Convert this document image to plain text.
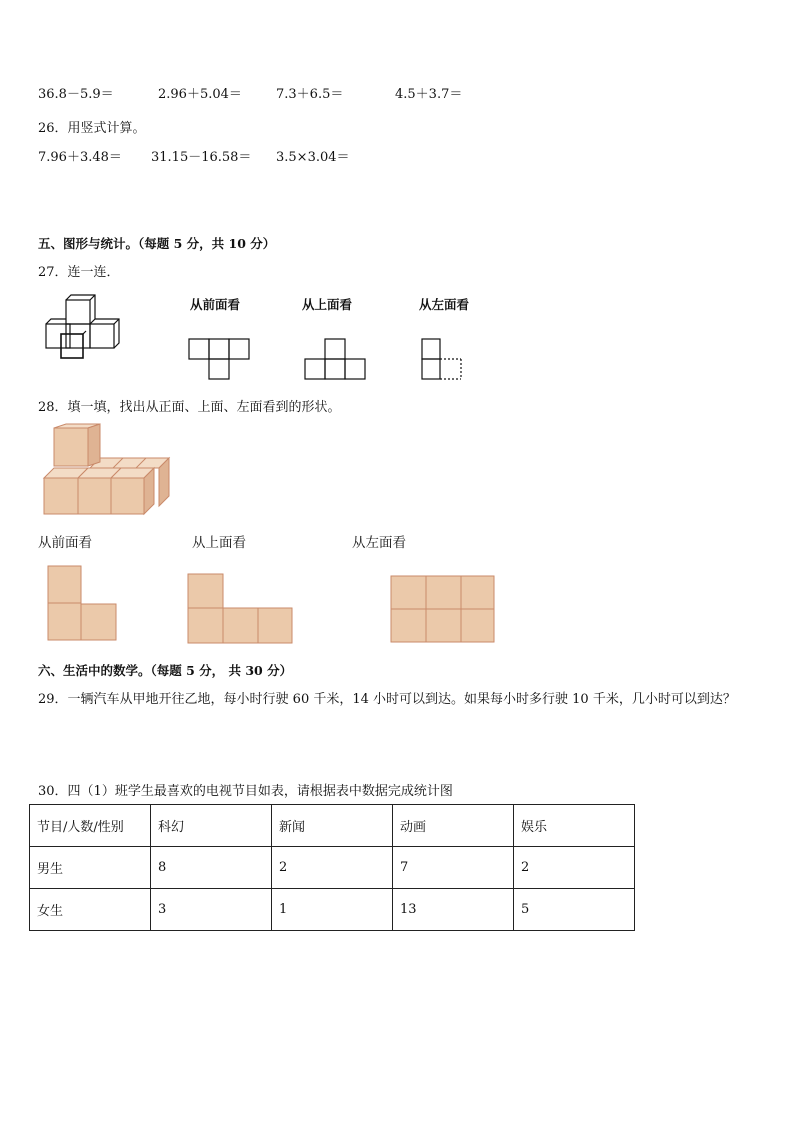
36.8－5.9＝	2.96＋5.04＝	7.3＋6.5＝	4.5＋3.7＝
26．用竖式计算。
7.96＋3.48＝ 31.15－16.58＝ 3.5×3.04＝
五、图形与统计。（每题 5 分，共 10 分）
27．连一连．
从前面看	从上面看	从左面看
28．填一填，找出从正面、上面、左面看到的形状。
从前面看	从上面看	从左面看
六、生活中的数学。（每题 5 分， 共 30 分）
29．一辆汽车从甲地开往乙地，每小时行驶 60 千米，14 小时可以到达。如果每小时多行驶 10 千米，几小时可以到达？
30．四（1）班学生最喜欢的电视节目如表，请根据表中数据完成统计图
节目/人数/性别	科幻	新闻	动画	娱乐
男生	8	2	7	2
女生	3	1	13	5
